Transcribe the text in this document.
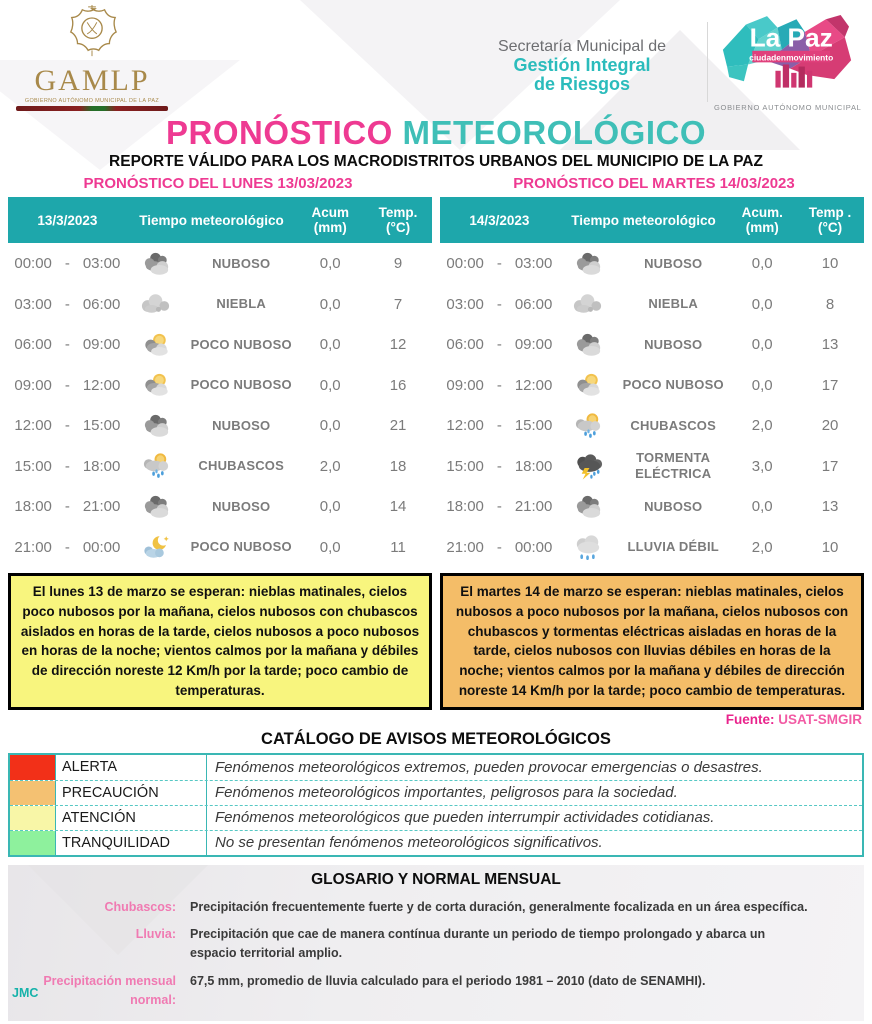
GAMLP
GOBIERNO AUTÓNOMO MUNICIPAL DE LA PAZ
Secretaría Municipal de
Gestión Integral
de Riesgos
La Paz
ciudadenmovimiento
GOBIERNO AUTÓNOMO MUNICIPAL
PRONÓSTICO METEOROLÓGICO
REPORTE VÁLIDO PARA LOS MACRODISTRITOS URBANOS DEL MUNICIPIO DE LA PAZ
PRONÓSTICO DEL LUNES 13/03/2023	PRONÓSTICO DEL MARTES 14/03/2023
13/3/2023	Tiempo meteorológico
Acum
(mm)
Temp.
(°C)
00:00 - 03:00	NUBOSO	0,0	9
03:00 - 06:00	NIEBLA	0,0	7
06:00 - 09:00	POCO NUBOSO	0,0	12
09:00 - 12:00	POCO NUBOSO	0,0	16
12:00 - 15:00	NUBOSO	0,0	21
15:00 - 18:00	CHUBASCOS	2,0	18
18:00 - 21:00	NUBOSO	0,0	14
21:00 - 00:00	POCO NUBOSO	0,0	11
14/3/2023	Tiempo meteorológico
Acum.
(mm)
Temp .
(°C)
00:00 - 03:00	NUBOSO	0,0	10
03:00 - 06:00	NIEBLA	0,0	8
06:00 - 09:00	NUBOSO	0,0	13
09:00 - 12:00	POCO NUBOSO	0,0	17
12:00 - 15:00	CHUBASCOS	2,0	20
15:00 - 18:00	TORMENTA ELÉCTRICA	3,0	17
18:00 - 21:00	NUBOSO	0,0	13
21:00 - 00:00	LLUVIA DÉBIL	2,0	10
El lunes 13 de marzo se esperan: nieblas matinales, cielos poco nubosos por la mañana, cielos nubosos con chubascos aislados en horas de la tarde, cielos nubosos a poco nubosos en horas de la noche; vientos calmos por la mañana y débiles de dirección noreste 12 Km/h por la tarde; poco cambio de temperaturas.
El martes 14 de marzo se esperan: nieblas matinales, cielos nubosos a poco nubosos por la mañana, cielos nubosos con chubascos y tormentas eléctricas aisladas en horas de la tarde, cielos nubosos con lluvias débiles en horas de la noche; vientos calmos por la mañana y débiles de dirección noreste 14 Km/h por la tarde; poco cambio de temperaturas.
Fuente: USAT-SMGIR
CATÁLOGO DE AVISOS METEOROLÓGICOS
ALERTA	Fenómenos meteorológicos extremos, pueden provocar emergencias o desastres.
PRECAUCIÓN	Fenómenos meteorológicos importantes, peligrosos para la sociedad.
ATENCIÓN	Fenómenos meteorológicos que pueden interrumpir actividades cotidianas.
TRANQUILIDAD	No se presentan fenómenos meteorológicos significativos.
GLOSARIO Y NORMAL MENSUAL
Chubascos: Precipitación frecuentemente fuerte y de corta duración, generalmente focalizada en un área específica.
Lluvia: Precipitación que cae de manera contínua durante un periodo de tiempo prolongado y abarca un espacio territorial amplio.
Precipitación mensual normal:
67,5 mm, promedio de lluvia calculado para el periodo 1981 – 2010 (dato de SENAMHI).
JMC
